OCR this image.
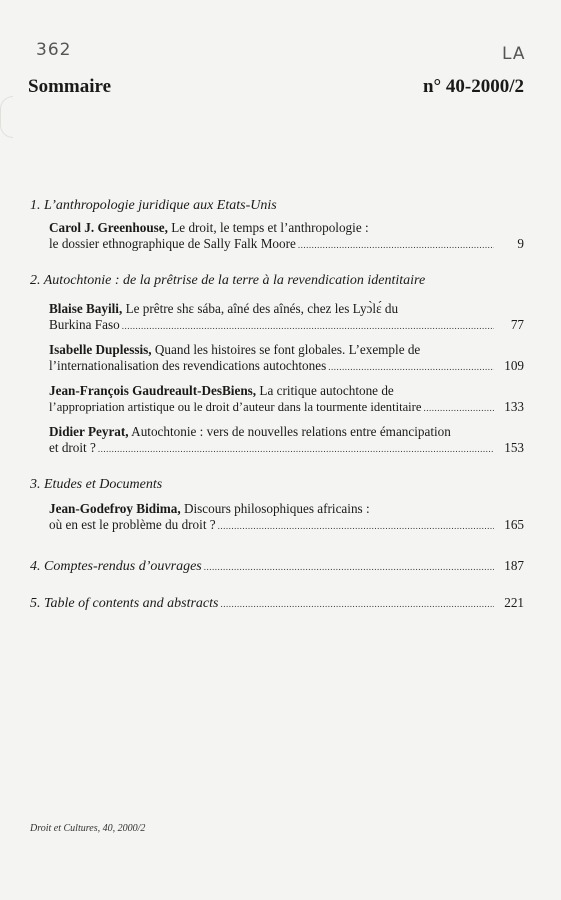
362	LA
Sommaire	n° 40-2000/2
1. L’anthropologie juridique aux Etats-Unis
Carol J. Greenhouse, Le droit, le temps et l’anthropologie :
le dossier ethnographique de Sally Falk Moore .....	9
2. Autochtonie : de la prêtrise de la terre à la revendication identitaire
Blaise Bayili, Le prêtre shɛ sába, aîné des aînés, chez les Lyɔ̀lɛ́ du
Burkina Faso .....	77
Isabelle Duplessis, Quand les histoires se font globales. L’exemple de
l’internationalisation des revendications autochtones .....	109
Jean-François Gaudreault-DesBiens, La critique autochtone de
l’appropriation artistique ou le droit d’auteur dans la tourmente identitaire .....	133
Didier Peyrat, Autochtonie : vers de nouvelles relations entre émancipation
et droit ? .....	153
3. Etudes et Documents
Jean-Godefroy Bidima, Discours philosophiques africains :
où en est le problème du droit ? .....	165
4. Comptes-rendus d’ouvrages .....	187
5. Table of contents and abstracts .....	221
Droit et Cultures, 40, 2000/2
